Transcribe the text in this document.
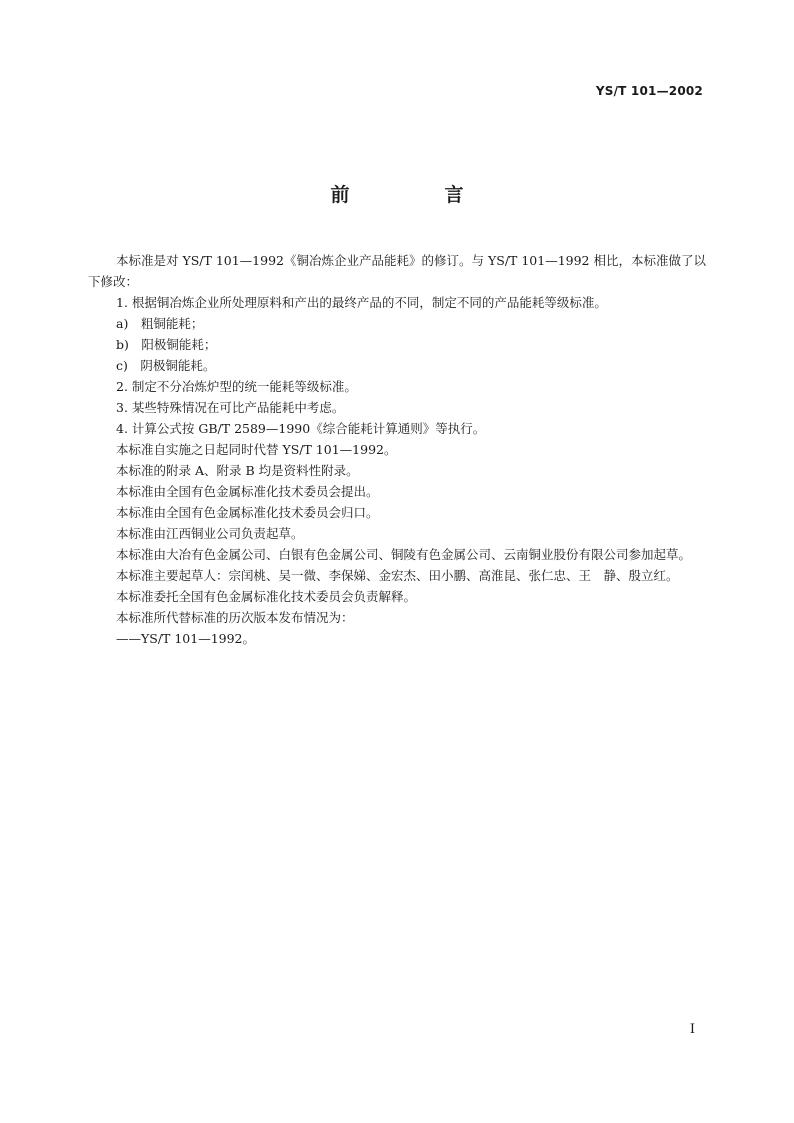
YS/T 101—2002
前　言

本标准是对 YS/T 101—1992《铜冶炼企业产品能耗》的修订。与 YS/T 101—1992 相比，本标准做了以下修改：

1. 根据铜冶炼企业所处理原料和产出的最终产品的不同，制定不同的产品能耗等级标准。

a)　粗铜能耗；

b)　阳极铜能耗；

c)　阴极铜能耗。

2. 制定不分冶炼炉型的统一能耗等级标准。

3. 某些特殊情况在可比产品能耗中考虑。

4. 计算公式按 GB/T 2589—1990《综合能耗计算通则》等执行。

本标准自实施之日起同时代替 YS/T 101—1992。

本标准的附录 A、附录 B 均是资料性附录。

本标准由全国有色金属标准化技术委员会提出。

本标准由全国有色金属标准化技术委员会归口。

本标准由江西铜业公司负责起草。

本标准由大冶有色金属公司、白银有色金属公司、铜陵有色金属公司、云南铜业股份有限公司参加起草。

本标准主要起草人：宗闰桃、吴一微、李保娣、金宏杰、田小鹏、高淮昆、张仁忠、王　静、殷立红。

本标准委托全国有色金属标准化技术委员会负责解释。

本标准所代替标准的历次版本发布情况为：

——YS/T 101—1992。

I
